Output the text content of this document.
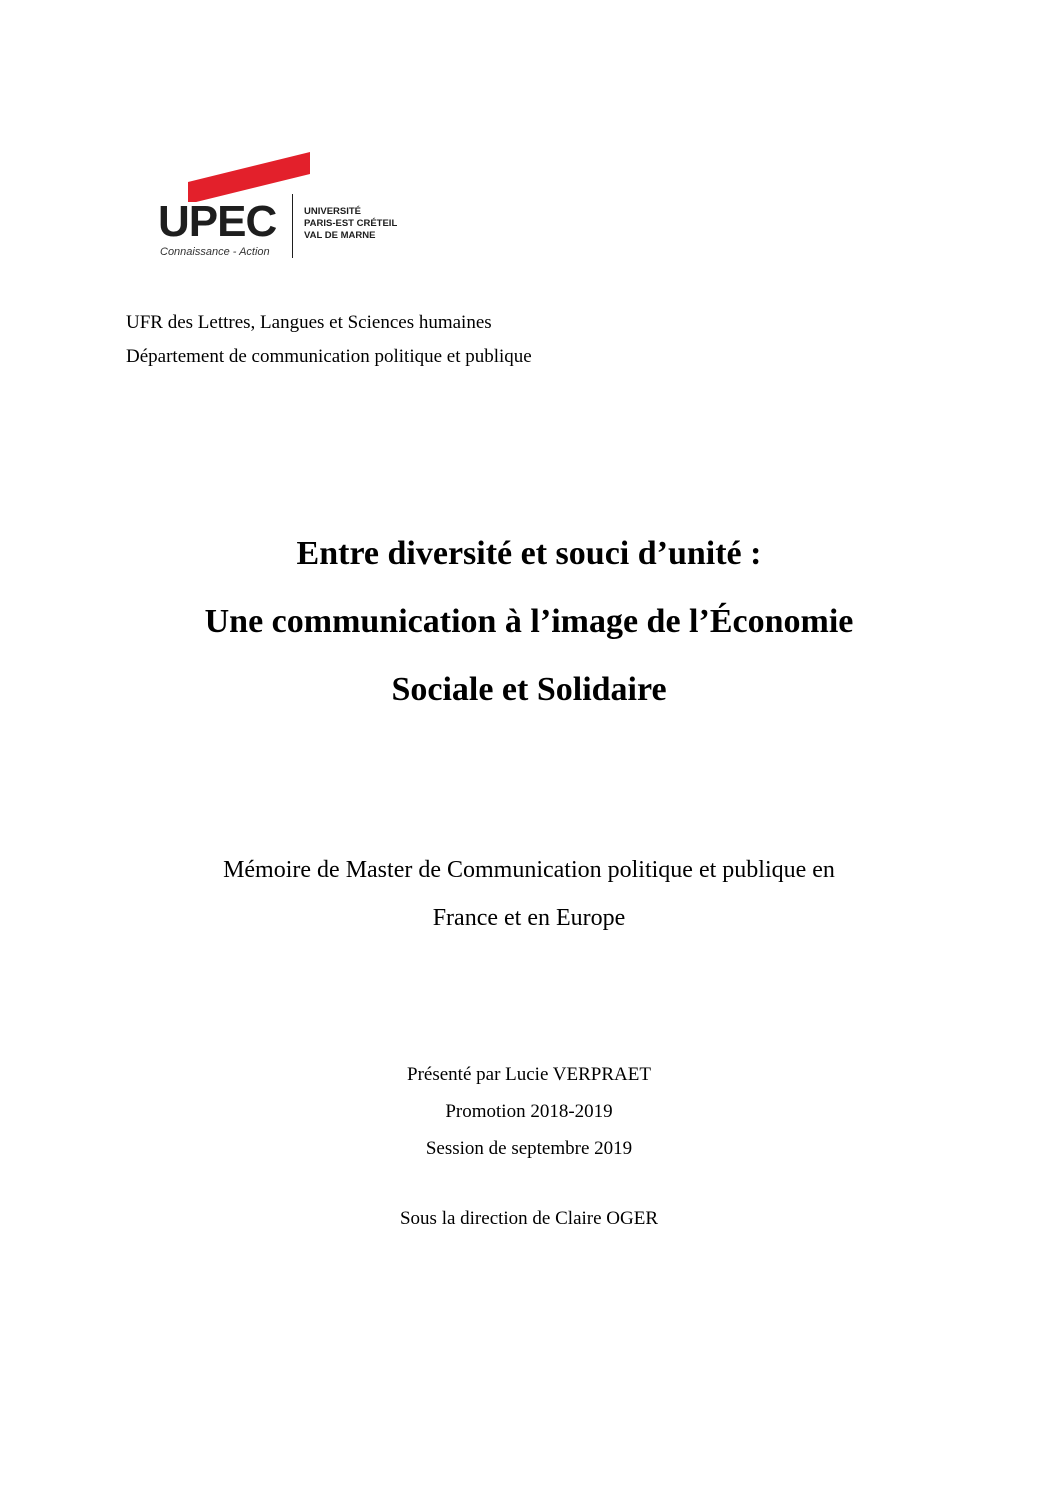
UPEC
Connaissance - Action
UNIVERSITÉ
PARIS-EST CRÉTEIL
VAL DE MARNE
UFR des Lettres, Langues et Sciences humaines
Département de communication politique et publique
Entre diversité et souci d’unité :
Une communication à l’image de l’Économie
Sociale et Solidaire
Mémoire de Master de Communication politique et publique en
France et en Europe
Présenté par Lucie VERPRAET
Promotion 2018-2019
Session de septembre 2019
Sous la direction de Claire OGER
